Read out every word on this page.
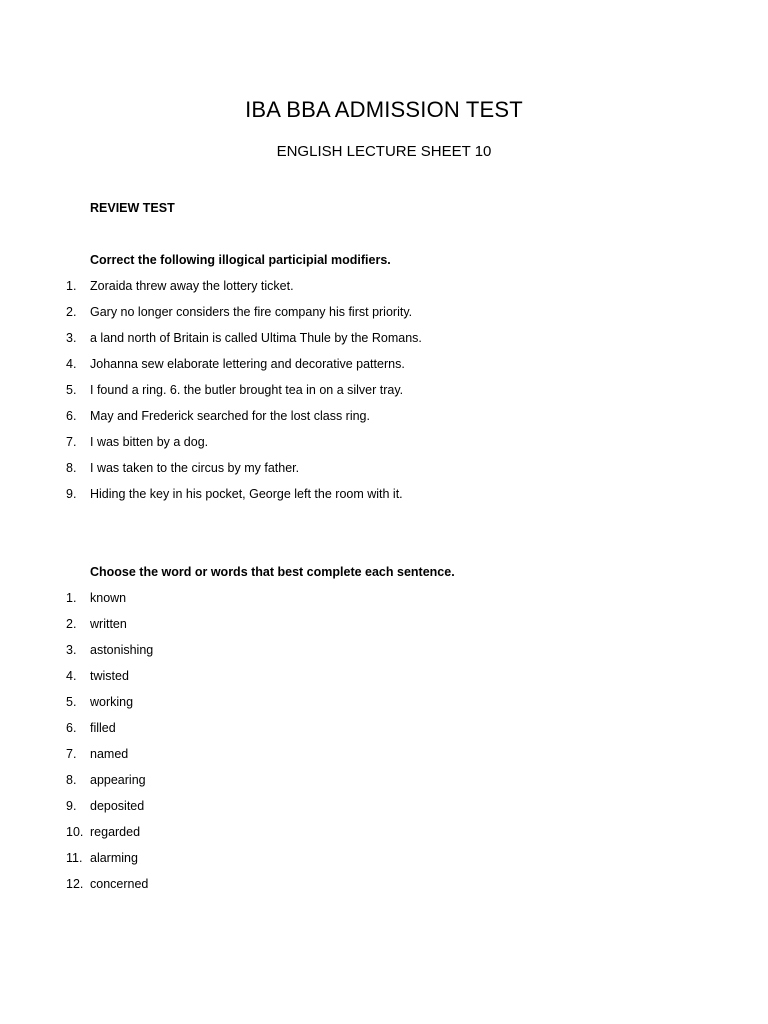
IBA BBA ADMISSION TEST
ENGLISH LECTURE SHEET 10
REVIEW TEST
Correct the following illogical participial modifiers.
1.	Zoraida threw away the lottery ticket.
2.	Gary no longer considers the fire company his first priority.
3.	a land north of Britain is called Ultima Thule by the Romans.
4.	Johanna sew elaborate lettering and decorative patterns.
5.	I found a ring. 6. the butler brought tea in on a silver tray.
6.	May and Frederick searched for the lost class ring.
7.	I was bitten by a dog.
8.	I was taken to the circus by my father.
9.	Hiding the key in his pocket, George left the room with it.
Choose the word or words that best complete each sentence.
1.	known
2.	written
3.	astonishing
4.	twisted
5.	working
6.	filled
7.	named
8.	appearing
9.	deposited
10. regarded
11. alarming
12. concerned
